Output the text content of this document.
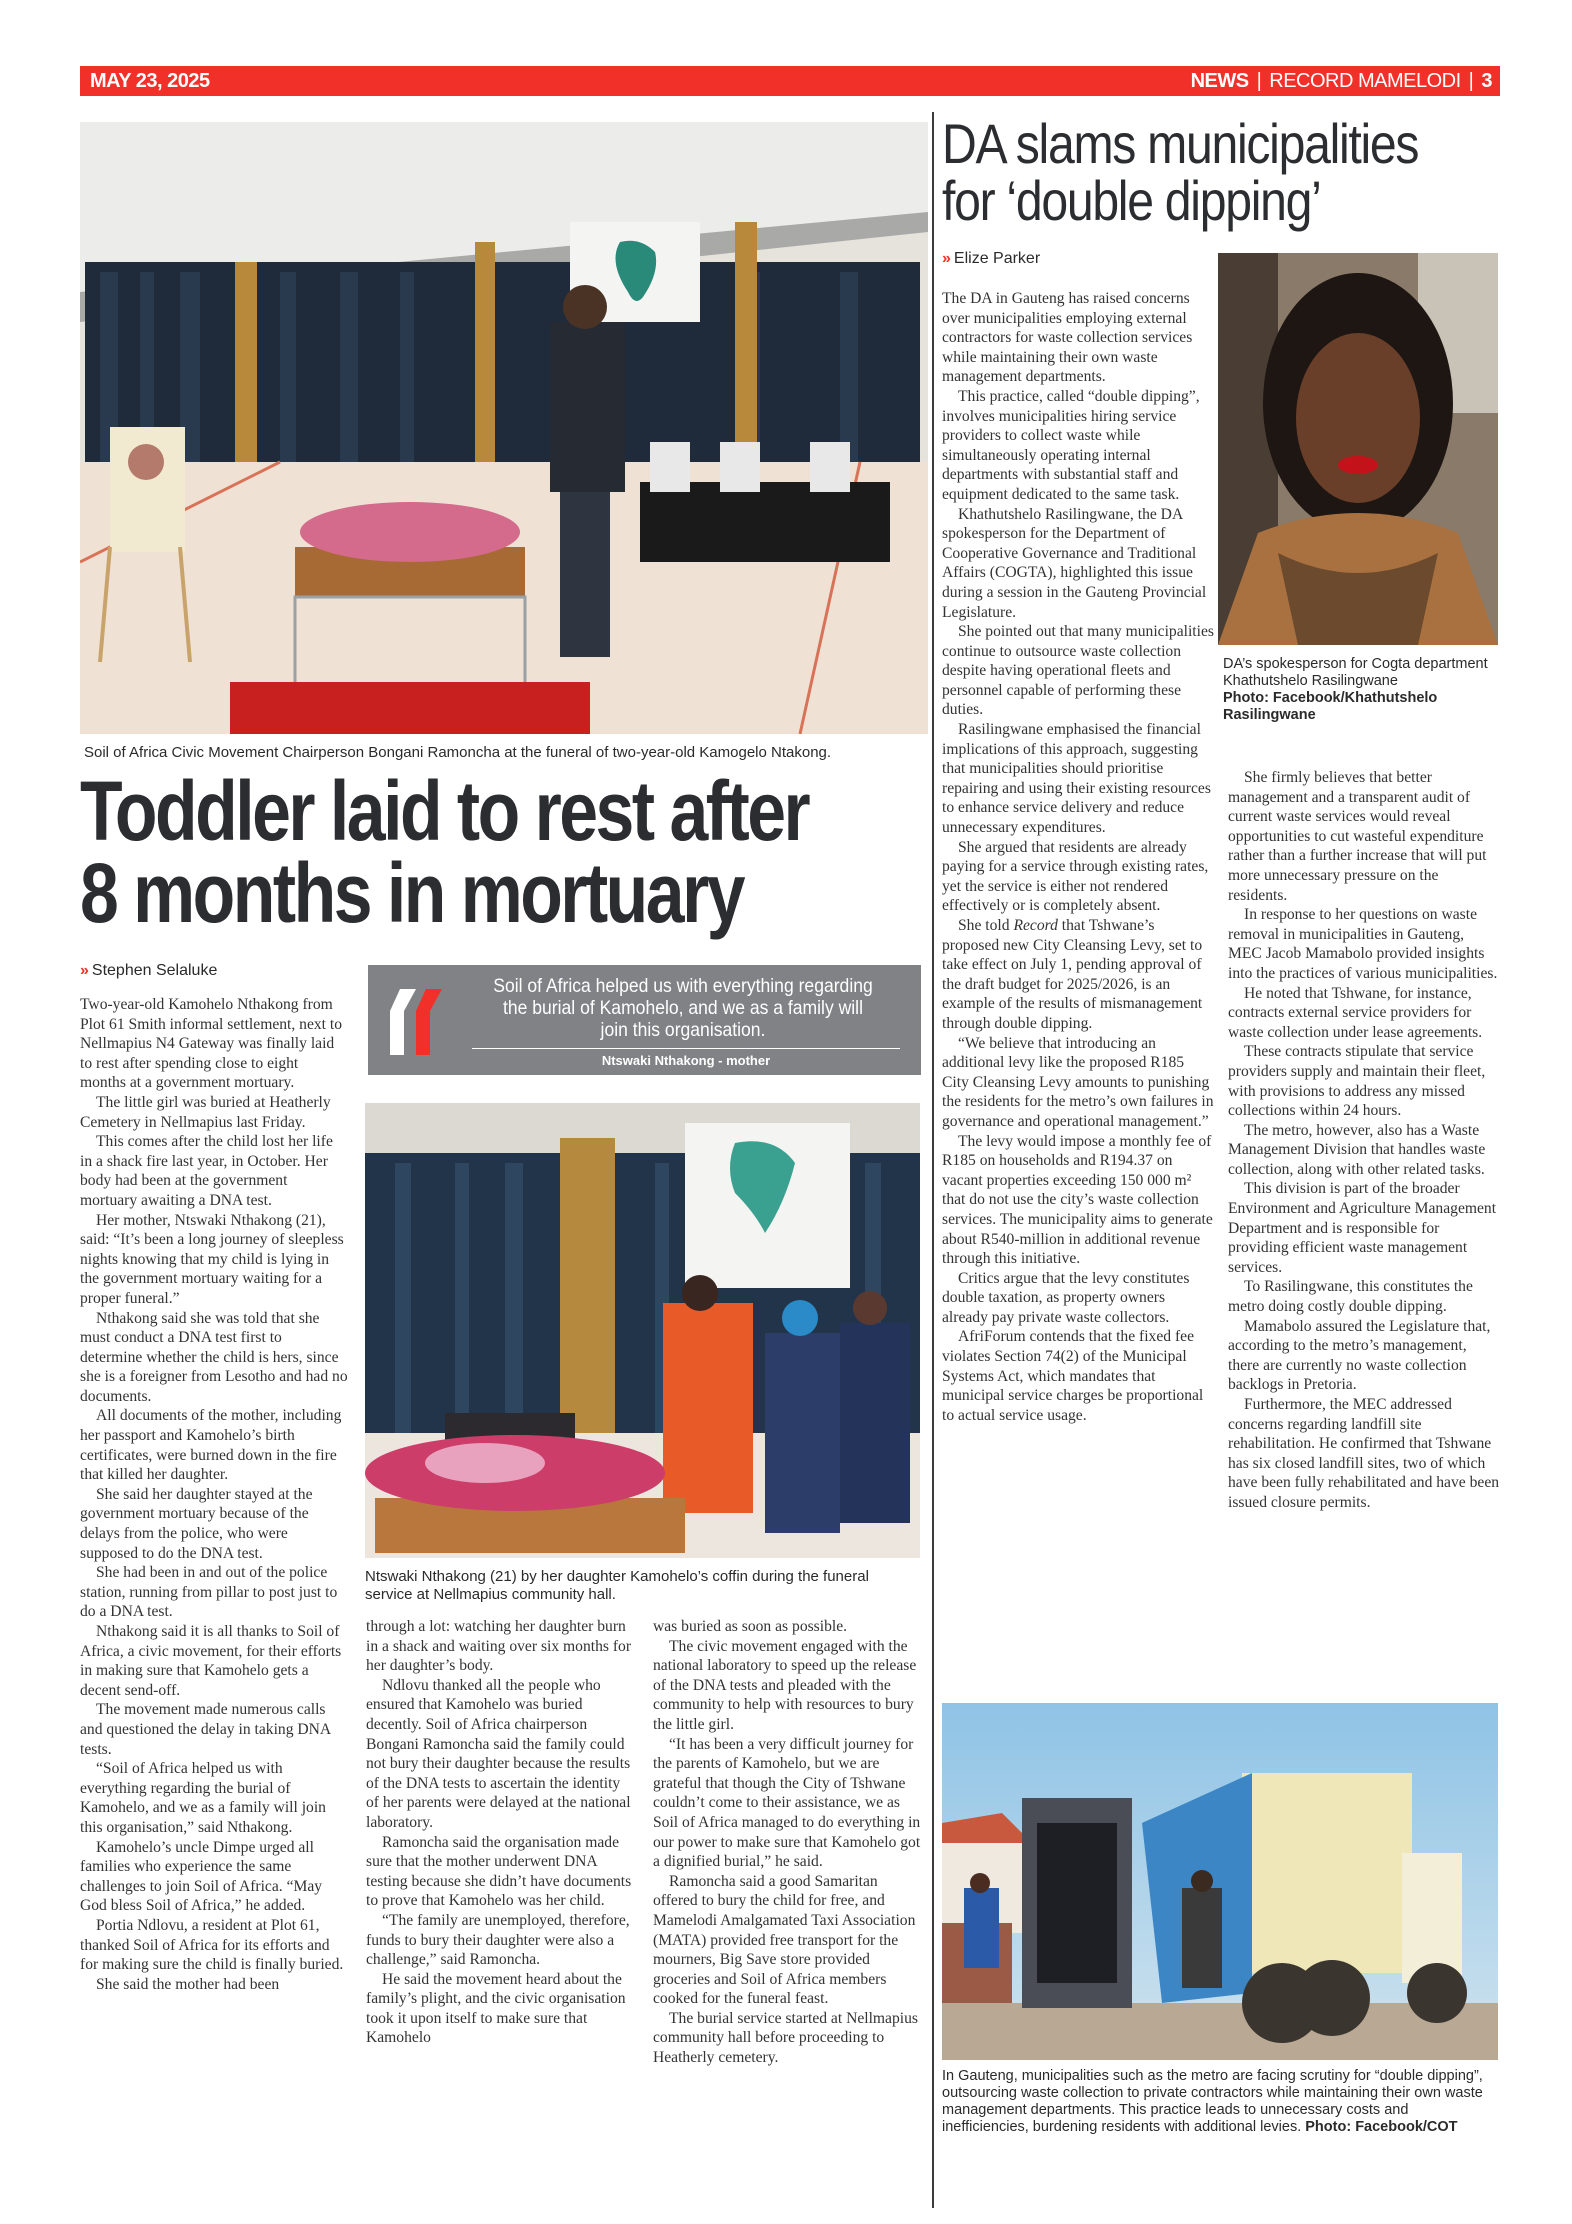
MAY 23, 2025	NEWS | RECORD MAMELODI | 3
Soil of Africa Civic Movement Chairperson Bongani Ramoncha at the funeral of two-year-old Kamogelo Ntakong.
Toddler laid to rest after
8 months in mortuary
» Stephen Selaluke
Soil of Africa helped us with everything regarding the burial of Kamohelo, and we as a family will join this organisation.
Ntswaki Nthakong - mother
Ntswaki Nthakong (21) by her daughter Kamohelo’s coffin during the funeral service at Nellmapius community hall.

Two-year-old Kamohelo Nthakong from Plot 61 Smith informal settlement, next to Nellmapius N4 Gateway was finally laid to rest after spending close to eight months at a government mortuary.

The little girl was buried at Heatherly Cemetery in Nellmapius last Friday.

This comes after the child lost her life in a shack fire last year, in October. Her body had been at the government mortuary awaiting a DNA test.

Her mother, Ntswaki Nthakong (21), said: “It’s been a long journey of sleepless nights knowing that my child is lying in the government mortuary waiting for a proper funeral.”

Nthakong said she was told that she must conduct a DNA test first to determine whether the child is hers, since she is a foreigner from Lesotho and had no documents.

All documents of the mother, including her passport and Kamohelo’s birth certificates, were burned down in the fire that killed her daughter.

She said her daughter stayed at the government mortuary because of the delays from the police, who were supposed to do the DNA test.

She had been in and out of the police station, running from pillar to post just to do a DNA test.

Nthakong said it is all thanks to Soil of Africa, a civic movement, for their efforts in making sure that Kamohelo gets a decent send-off.

The movement made numerous calls and questioned the delay in taking DNA tests.

“Soil of Africa helped us with everything regarding the burial of Kamohelo, and we as a family will join this organisation,” said Nthakong.

Kamohelo’s uncle Dimpe urged all families who experience the same challenges to join Soil of Africa. “May God bless Soil of Africa,” he added.

Portia Ndlovu, a resident at Plot 61, thanked Soil of Africa for its efforts and for making sure the child is finally buried.

She said the mother had been

through a lot: watching her daughter burn in a shack and waiting over six months for her daughter’s body.

Ndlovu thanked all the people who ensured that Kamohelo was buried decently. Soil of Africa chairperson Bongani Ramoncha said the family could not bury their daughter because the results of the DNA tests to ascertain the identity of her parents were delayed at the national laboratory.

Ramoncha said the organisation made sure that the mother underwent DNA testing because she didn’t have documents to prove that Kamohelo was her child.

“The family are unemployed, therefore, funds to bury their daughter were also a challenge,” said Ramoncha.

He said the movement heard about the family’s plight, and the civic organisation took it upon itself to make sure that Kamohelo

was buried as soon as possible.

The civic movement engaged with the national laboratory to speed up the release of the DNA tests and pleaded with the community to help with resources to bury the little girl.

“It has been a very difficult journey for the parents of Kamohelo, but we are grateful that though the City of Tshwane couldn’t come to their assistance, we as Soil of Africa managed to do everything in our power to make sure that Kamohelo got a dignified burial,” he said.

Ramoncha said a good Samaritan offered to bury the child for free, and Mamelodi Amalgamated Taxi Association (MATA) provided free transport for the mourners, Big Save store provided groceries and Soil of Africa members cooked for the funeral feast.

The burial service started at Nellmapius community hall before proceeding to Heatherly cemetery.

DA slams municipalities
for ‘double dipping’
» Elize Parker
DA’s spokesperson for Cogta department Khathutshelo Rasilingwane
Photo: Facebook/Khathutshelo Rasilingwane

The DA in Gauteng has raised concerns over municipalities employing external contractors for waste collection services while maintaining their own waste management departments.

This practice, called “double dipping”, involves municipalities hiring service providers to collect waste while simultaneously operating internal departments with substantial staff and equipment dedicated to the same task.

Khathutshelo Rasilingwane, the DA spokesperson for the Department of Cooperative Governance and Traditional Affairs (COGTA), highlighted this issue during a session in the Gauteng Provincial Legislature.

She pointed out that many municipalities continue to outsource waste collection despite having operational fleets and personnel capable of performing these duties.

Rasilingwane emphasised the financial implications of this approach, suggesting that municipalities should prioritise repairing and using their existing resources to enhance service delivery and reduce unnecessary expenditures.

She argued that residents are already paying for a service through existing rates, yet the service is either not rendered effectively or is completely absent.

She told Record that Tshwane’s proposed new City Cleansing Levy, set to take effect on July 1, pending approval of the draft budget for 2025/2026, is an example of the results of mismanagement through double dipping.

“We believe that introducing an additional levy like the proposed R185 City Cleansing Levy amounts to punishing the residents for the metro’s own failures in governance and operational management.”

The levy would impose a monthly fee of R185 on households and R194.37 on vacant properties exceeding 150 000 m² that do not use the city’s waste collection services. The municipality aims to generate about R540-million in additional revenue through this initiative.

Critics argue that the levy constitutes double taxation, as property owners already pay private waste collectors.

AfriForum contends that the fixed fee violates Section 74(2) of the Municipal Systems Act, which mandates that municipal service charges be proportional to actual service usage.

She firmly believes that better management and a transparent audit of current waste services would reveal opportunities to cut wasteful expenditure rather than a further increase that will put more unnecessary pressure on the residents.

In response to her questions on waste removal in municipalities in Gauteng, MEC Jacob Mamabolo provided insights into the practices of various municipalities.

He noted that Tshwane, for instance, contracts external service providers for waste collection under lease agreements.

These contracts stipulate that service providers supply and maintain their fleet, with provisions to address any missed collections within 24 hours.

The metro, however, also has a Waste Management Division that handles waste collection, along with other related tasks.

This division is part of the broader Environment and Agriculture Management Department and is responsible for providing efficient waste management services.

To Rasilingwane, this constitutes the metro doing costly double dipping.

Mamabolo assured the Legislature that, according to the metro’s management, there are currently no waste collection backlogs in Pretoria.

Furthermore, the MEC addressed concerns regarding landfill site rehabilitation. He confirmed that Tshwane has six closed landfill sites, two of which have been fully rehabilitated and have been issued closure permits.

In Gauteng, municipalities such as the metro are facing scrutiny for “double dipping”, outsourcing waste collection to private contractors while maintaining their own waste management departments. This practice leads to unnecessary costs and inefficiencies, burdening residents with additional levies. Photo: Facebook/COT
